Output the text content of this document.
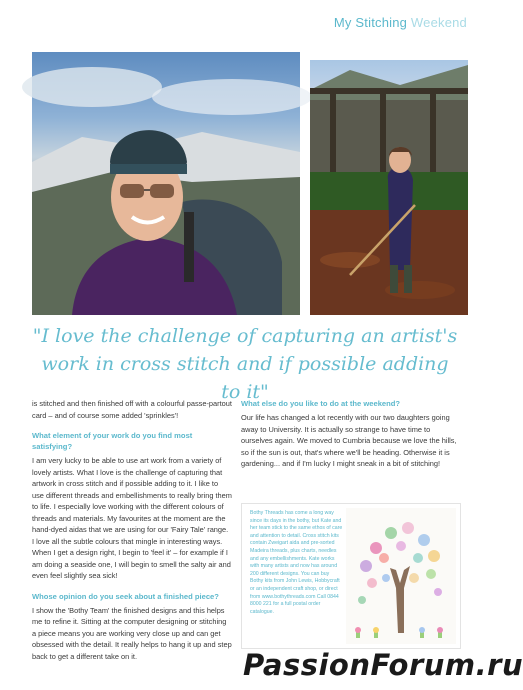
My Stitching Weekend
"I love the challenge of capturing an artist's work in cross stitch and if possible adding to it"

is stitched and then finished off with a colourful passe-partout card – and of course some added 'sprinkles'!

What element of your work do you find most satisfying?

I am very lucky to be able to use art work from a variety of lovely artists. What I love is the challenge of capturing that artwork in cross stitch and if possible adding to it. I like to use different threads and embellishments to really bring them to life. I especially love working with the different colours of threads and materials. My favourites at the moment are the hand-dyed aidas that we are using for our 'Fairy Tale' range. I love all the subtle colours that mingle in interesting ways. When I get a design right, I begin to 'feel it' – for example if I am doing a seaside one, I will begin to smell the salty air and even feel slightly sea sick!

Whose opinion do you seek about a finished piece?

I show the 'Bothy Team' the finished designs and this helps me to refine it. Sitting at the computer designing or stitching a piece means you are working very close up and can get obsessed with the detail. It really helps to hang it up and step back to get a different take on it.

What else do you like to do at the weekend?

Our life has changed a lot recently with our two daughters going away to University. It is actually so strange to have time to ourselves again. We moved to Cumbria because we love the hills, so if the sun is out, that's where we'll be heading. Otherwise it is gardening... and if I'm lucky I might sneak in a bit of stitching!

Bothy Threads has come a long way since its days in the bothy, but Kate and her team stick to the same ethos of care and attention to detail. Cross stitch kits contain Zweigart aida and pre-sorted Madeira threads, plus charts, needles and any embellishments. Kate works with many artists and now has around 200 different designs. You can buy Bothy kits from John Lewis, Hobbycraft or an independent craft shop, or direct from www.bothythreads.com Call 0844 8000 221 for a full postal order catalogue.
PassionForum.ru
